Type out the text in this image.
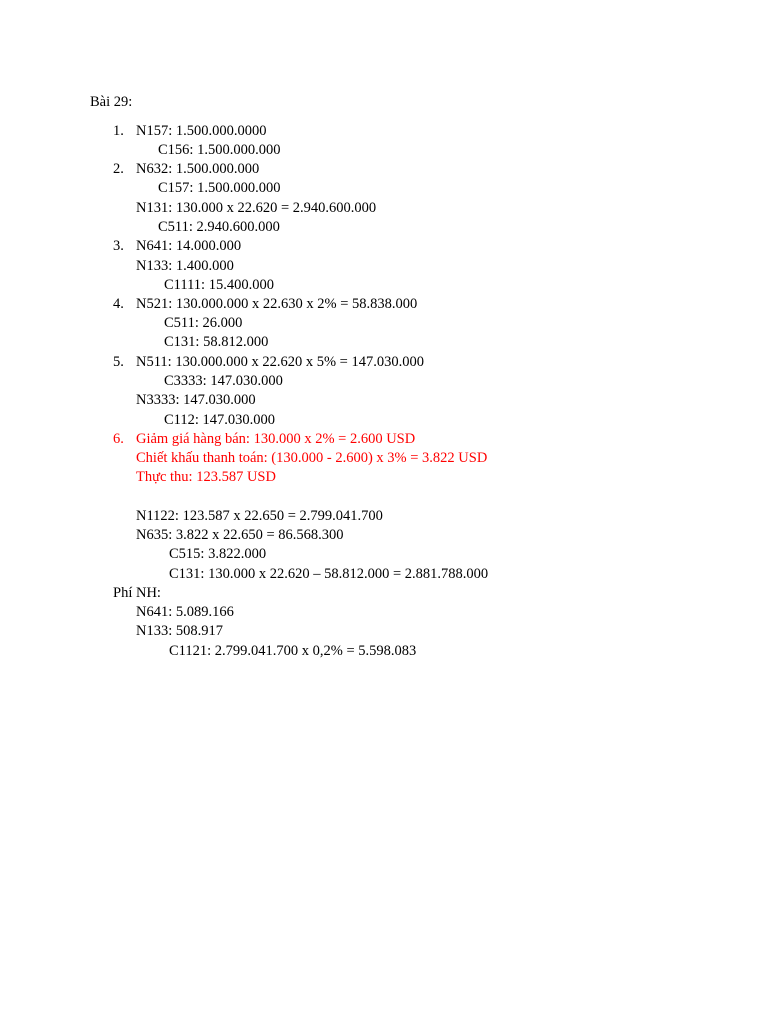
Bài 29:
1. N157: 1.500.000.0000
C156: 1.500.000.000
2. N632: 1.500.000.000
C157: 1.500.000.000
N131: 130.000 x 22.620 = 2.940.600.000
C511: 2.940.600.000
3. N641: 14.000.000
N133: 1.400.000
C1111: 15.400.000
4. N521: 130.000.000 x 22.630 x 2% = 58.838.000
C511: 26.000
C131: 58.812.000
5. N511: 130.000.000 x 22.620 x 5% = 147.030.000
C3333: 147.030.000
N3333: 147.030.000
C112: 147.030.000
6. Giảm giá hàng bán: 130.000 x 2% = 2.600 USD
Chiết khấu thanh toán: (130.000 - 2.600) x 3% = 3.822 USD
Thực thu: 123.587 USD
N1122: 123.587 x 22.650 = 2.799.041.700
N635: 3.822 x 22.650 = 86.568.300
C515: 3.822.000
C131: 130.000 x 22.620 – 58.812.000 = 2.881.788.000
Phí NH:
N641: 5.089.166
N133: 508.917
C1121: 2.799.041.700 x 0,2% = 5.598.083
